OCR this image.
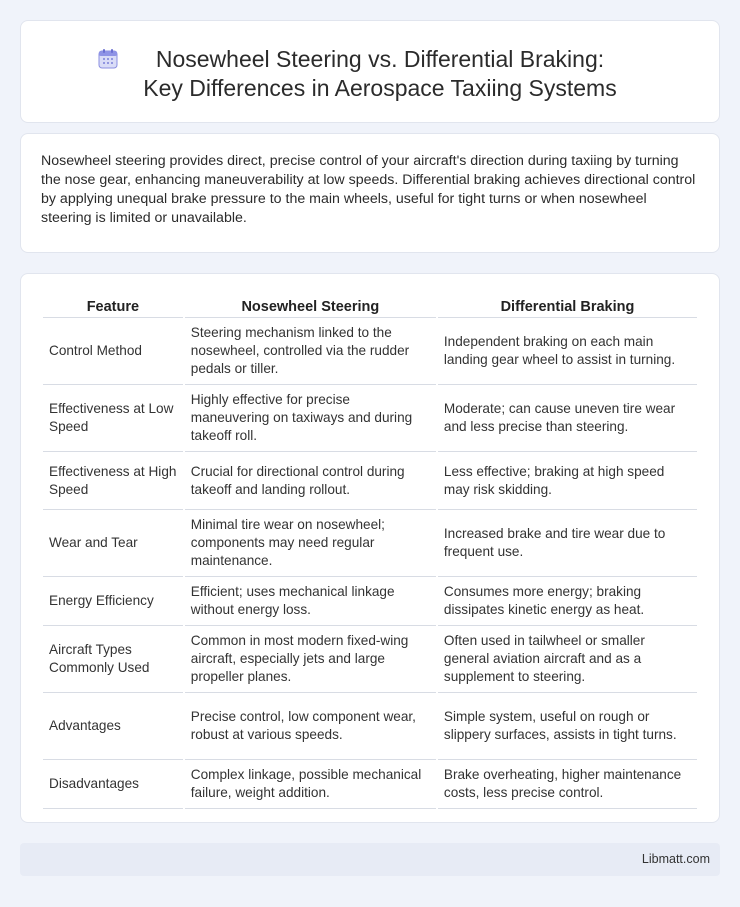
Nosewheel Steering vs. Differential Braking: Key Differences in Aerospace Taxiing Systems

Nosewheel steering provides direct, precise control of your aircraft's direction during taxiing by turning the nose gear, enhancing maneuverability at low speeds. Differential braking achieves directional control by applying unequal brake pressure to the main wheels, useful for tight turns or when nosewheel steering is limited or unavailable.

Feature	Nosewheel Steering	Differential Braking
Control Method	Steering mechanism linked to the nosewheel, controlled via the rudder pedals or tiller.	Independent braking on each main landing gear wheel to assist in turning.
Effectiveness at Low Speed	Highly effective for precise maneuvering on taxiways and during takeoff roll.	Moderate; can cause uneven tire wear and less precise than steering.
Effectiveness at High Speed	Crucial for directional control during takeoff and landing rollout.	Less effective; braking at high speed may risk skidding.
Wear and Tear	Minimal tire wear on nosewheel; components may need regular maintenance.	Increased brake and tire wear due to frequent use.
Energy Efficiency	Efficient; uses mechanical linkage without energy loss.	Consumes more energy; braking dissipates kinetic energy as heat.
Aircraft Types Commonly Used	Common in most modern fixed-wing aircraft, especially jets and large propeller planes.	Often used in tailwheel or smaller general aviation aircraft and as a supplement to steering.
Advantages	Precise control, low component wear, robust at various speeds.	Simple system, useful on rough or slippery surfaces, assists in tight turns.
Disadvantages	Complex linkage, possible mechanical failure, weight addition.	Brake overheating, higher maintenance costs, less precise control.
Libmatt.com
